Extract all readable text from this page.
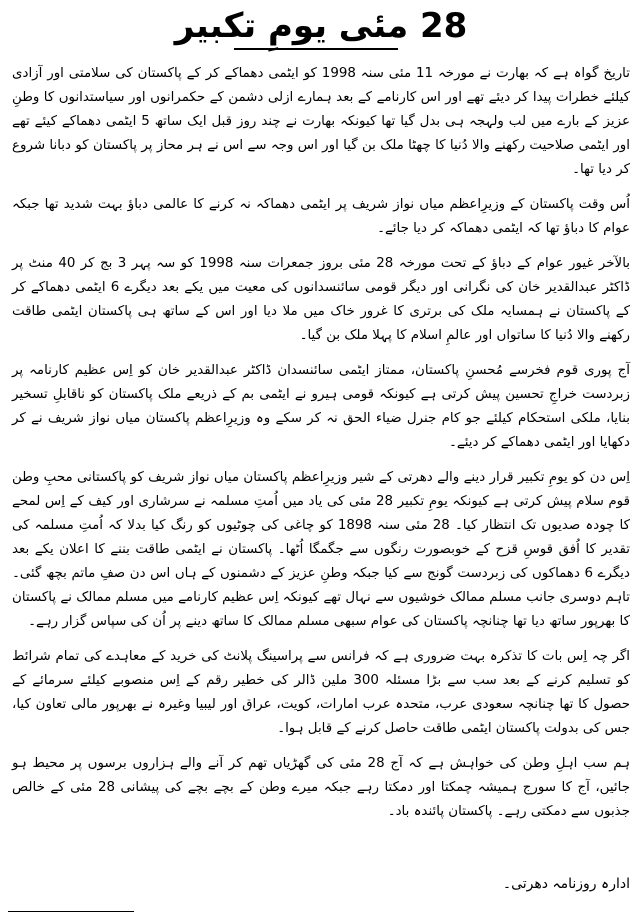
28 مئی یومِ تکبیر

تاریخ گواہ ہے کہ بھارت نے مورخہ 11 مئی سنہ 1998 کو ایٹمی دھماکے کر کے پاکستان کی سلامتی اور آزادی کیلئے خطرات پیدا کر دیئے تھے اور اس کارنامے کے بعد ہمارے ازلی دشمن کے حکمرانوں اور سیاستدانوں کا وطنِ عزیز کے بارے میں لب ولہجہ ہی بدل گیا تھا کیونکہ بھارت نے چند روز قبل ایک ساتھ 5 ایٹمی دھماکے کیئے تھے اور ایٹمی صلاحیت رکھنے والا دُنیا کا چھٹا ملک بن گیا اور اس وجہ سے اس نے ہر محاز پر پاکستان کو دبانا شروع کر دیا تھا۔

اُس وقت پاکستان کے وزیرِاعظم میاں نواز شریف پر ایٹمی دھماکہ نہ کرنے کا عالمی دباؤ بہت شدید تھا جبکہ عوام کا دباؤ تھا کہ ایٹمی دھماکہ کر دیا جائے۔

بالآخر غیور عوام کے دباؤ کے تحت مورخہ 28 مئی بروز جمعرات سنہ 1998 کو سہ پہر 3 بج کر 40 منٹ پر ڈاکٹر عبدالقدیر خان کی نگرانی اور دیگر قومی سائنسدانوں کی معیت میں یکے بعد دیگرے 6 ایٹمی دھماکے کر کے پاکستان نے ہمسایہ ملک کی برتری کا غرور خاک میں ملا دیا اور اس کے ساتھ ہی پاکستان ایٹمی طاقت رکھنے والا دُنیا کا ساتواں اور عالمِ اسلام کا پہلا ملک بن گیا۔

آج پوری قوم فخرسے مُحسنِ پاکستان، ممتاز ایٹمی سائنسدان ڈاکٹر عبدالقدیر خان کو اِس عظیم کارنامہ پر زبردست خراجِ تحسین پیش کرتی ہے کیونکہ قومی ہیرو نے ایٹمی بم کے ذریعے ملک پاکستان کو ناقابلِ تسخیر بنایا، ملکی استحکام کیلئے جو کام جنرل ضیاء الحق نہ کر سکے وہ وزیرِاعظم پاکستان میاں نواز شریف نے کر دکھایا اور ایٹمی دھماکے کر دیئے۔

اِس دن کو یومِ تکبیر قرار دینے والے دھرتی کے شیر وزیرِاعظم پاکستان میاں نواز شریف کو پاکستانی محبِ وطن قوم سلام پیش کرتی ہے کیونکہ یومِ تکبیر 28 مئی کی یاد میں اُمتِ مسلمہ نے سرشاری اور کیف کے اِس لمحے کا چودہ صدیوں تک انتظار کیا۔ 28 مئی سنہ 1898 کو چاغی کی چوٹیوں کو رنگ کیا بدلا کہ اُمتِ مسلمہ کی تقدیر کا اُفق قوسِ قزح کے خوبصورت رنگوں سے جگمگا اُٹھا۔ پاکستان نے ایٹمی طاقت بننے کا اعلان یکے بعد دیگرے 6 دھماکوں کی زبردست گونج سے کیا جبکہ وطنِ عزیز کے دشمنوں کے ہاں اس دن صفِ ماتم بچھ گئی۔ تاہم دوسری جانب مسلم ممالک خوشیوں سے نہال تھے کیونکہ اِس عظیم کارنامے میں مسلم ممالک نے پاکستان کا بھرپور ساتھ دیا تھا چنانچہ پاکستان کی عوام سبھی مسلم ممالک کا ساتھ دینے پر اُن کی سپاس گزار رہے۔

اگر چہ اِس بات کا تذکرہ بہت ضروری ہے کہ فرانس سے پراسینگ پلانٹ کی خرید کے معاہدے کی تمام شرائط کو تسلیم کرنے کے بعد سب سے بڑا مسئلہ 300 ملین ڈالر کی خطیر رقم کے اِس منصوبے کیلئے سرمائے کے حصول کا تھا چنانچہ سعودی عرب، متحدہ عرب امارات، کویت، عراق اور لیبیا وغیرہ نے بھرپور مالی تعاون کیا، جس کی بدولت پاکستان ایٹمی طاقت حاصل کرنے کے قابل ہوا۔

ہم سب اہلِ وطن کی خواہش ہے کہ آج 28 مئی کی گھڑیاں تھم کر آنے والے ہزاروں برسوں پر محیط ہو جائیں، آج کا سورج ہمیشہ چمکتا اور دمکتا رہے جبکہ میرے وطن کے بچے بچے کی پیشانی 28 مئی کے خالص جذبوں سے دمکتی رہے۔ پاکستان پائندہ باد۔

ادارہ روزنامہ دھرتی۔
